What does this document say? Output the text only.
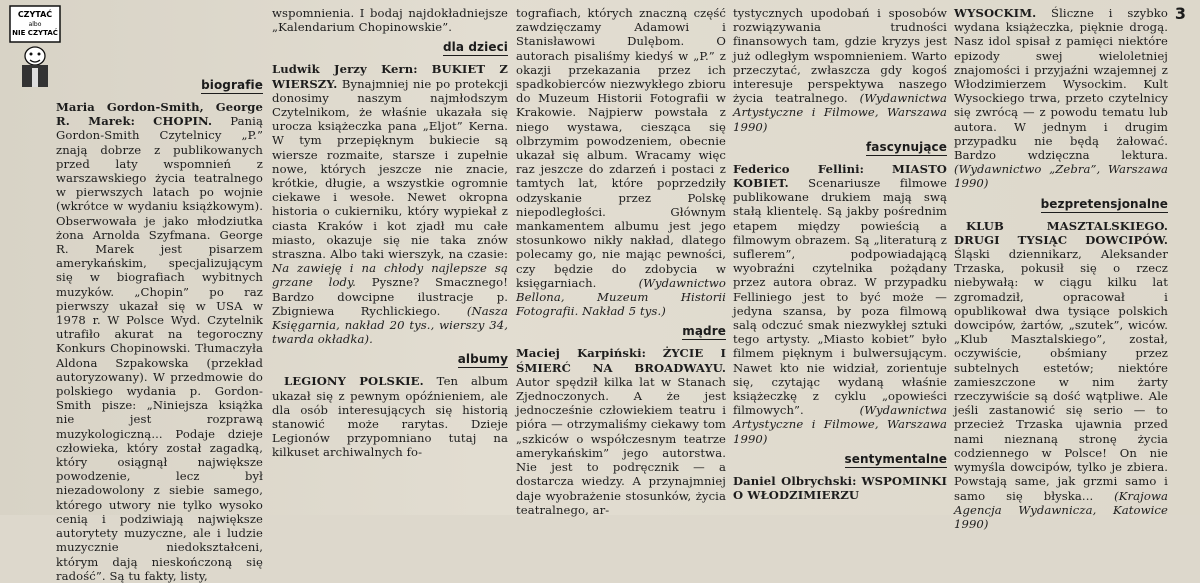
CZYTAĆ
albo
NIE CZYTAĆ
3
biografie

Maria Gordon-Smith, George R. Marek: CHOPIN. Panią Gordon-Smith Czytelnicy „P.” znają dobrze z publikowanych przed laty wspomnień z warszawskiego życia teatralnego w pierwszych latach po wojnie (wkrótce w wydaniu książkowym). Obserwowała je jako młodziutka żona Arnolda Szyfmana. George R. Marek jest pisarzem amerykańskim, specjalizującym się w biografiach wybitnych muzyków. „Chopin” po raz pierwszy ukazał się w USA w 1978 r. W Polsce Wyd. Czytelnik utrafiło akurat na tegoroczny Konkurs Chopinowski. Tłumaczyła Aldona Szpakowska (przekład autoryzowany). W przedmowie do polskiego wydania p. Gordon-Smith pisze: „Niniejsza książka nie jest rozprawą muzykologiczną... Podaje dzieje człowieka, który został zagadką, który osiągnął największe powodzenie, lecz był niezadowolony z siebie samego, którego utwory nie tylko wysoko cenią i podziwiają największe autorytety muzyczne, ale i ludzie muzycznie niedokształceni, którym dają nieskończoną się radość”. Są tu fakty, listy,

wspomnienia. I bodaj najdokładniejsze „Kalendarium Chopinowskie”.

dla dzieci

Ludwik Jerzy Kern: BUKIET Z WIERSZY. Bynajmniej nie po protekcji donosimy naszym najmłodszym Czytelnikom, że właśnie ukazała się urocza książeczka pana „Eljot” Kerna. W tym przepięknym bukiecie są wiersze rozmaite, starsze i zupełnie nowe, których jeszcze nie znacie, krótkie, długie, a wszystkie ogromnie ciekawe i wesołe. Newet okropna historia o cukierniku, który wypiekał z ciasta Kraków i kot zjadł mu całe miasto, okazuje się nie taka znów straszna. Albo taki wierszyk, na czasie: Na zawieję i na chłody najlepsze są grzane lody. Pyszne? Smacznego! Bardzo dowcipne ilustracje p. Zbigniewa Rychlickiego. (Nasza Księgarnia, nakład 20 tys., wierszy 34, twarda okładka).

albumy

LEGIONY POLSKIE. Ten album ukazał się z pewnym opóźnieniem, ale dla osób interesujących się historią stanowić może rarytas. Dzieje Legionów przypomniano tutaj na kilkuset archiwalnych fo-

tografiach, których znaczną część zawdzięczamy Adamowi i Stanisławowi Dulębom. O autorach pisaliśmy kiedyś w „P.” z okazji przekazania przez ich spadkobierców niezwykłego zbioru do Muzeum Historii Fotografii w Krakowie. Najpierw powstała z niego wystawa, ciesząca się olbrzymim powodzeniem, obecnie ukazał się album. Wracamy więc raz jeszcze do zdarzeń i postaci z tamtych lat, które poprzedziły odzyskanie przez Polskę niepodległości. Głównym mankamentem albumu jest jego stosunkowo nikły nakład, dlatego polecamy go, nie mając pewności, czy będzie do zdobycia w księgarniach.	(Wydawnictwo Bellona, Muzeum Historii Fotografii. Nakład 5 tys.)

mądre

Maciej Karpiński: ŻYCIE I ŚMIERĆ NA BROADWAYU. Autor spędził kilka lat w Stanach Zjednoczonych. A że jest jednocześnie człowiekiem teatru i pióra — otrzymaliśmy ciekawy tom „szkiców o współczesnym teatrze amerykańskim” jego autorstwa. Nie jest to podręcznik — a dostarcza wiedzy. A przynajmniej daje wyobrażenie stosunków, życia teatralnego, ar-

tystycznych upodobań i sposobów rozwiązywania trudności finansowych tam, gdzie kryzys jest już odległym wspomnieniem. Warto przeczytać, zwłaszcza gdy kogoś interesuje perspektywa naszego życia teatralnego. (Wydawnictwa Artystyczne i Filmowe, Warszawa 1990)

fascynujące

Federico Fellini: MIASTO KOBIET. Scenariusze filmowe publikowane drukiem mają swą stałą klientelę. Są jakby pośrednim etapem między powieścią a filmowym obrazem. Są „literaturą z suflerem”, podpowiadającą wyobraźni czytelnika pożądany przez autora obraz. W przypadku Felliniego jest to być może — jedyna szansa, by poza filmową salą odczuć smak niezwykłej sztuki tego artysty. „Miasto kobiet” było filmem pięknym i bulwersującym. Nawet kto nie widział, zorientuje się, czytając wydaną właśnie książeczkę z cyklu „opowieści filmowych”.	(Wydawnictwa Artystyczne i Filmowe, Warszawa 1990)

sentymentalne

Daniel Olbrychski: WSPOMINKI O WŁODZIMIERZU

WYSOCKIM. Śliczne i szybko wydana książeczka, pięknie drogą. Nasz idol spisał z pamięci niektóre epizody swej wieloletniej znajomości i przyjaźni wzajemnej z Włodzimierzem Wysockim. Kult Wysockiego trwa, przeto czytelnicy się zwrócą — z powodu tematu lub autora. W jednym i drugim przypadku nie będą żałować. Bardzo wdzięczna lektura. (Wydawnictwo „Zebra”, Warszawa 1990)

bezpretensjonalne

KLUB MASZTALSKIEGO. DRUGI TYSIĄC DOWCIPÓW. Śląski dziennikarz, Aleksander Trzaska, pokusił się o rzecz niebywałą: w ciągu kilku lat zgromadził, opracował i opublikował dwa tysiące polskich dowcipów, żartów, „szutek”, wiców. „Klub Masztalskiego”, został, oczywiście, obśmiany przez subtelnych estetów; niektóre zamieszczone w nim żarty rzeczywiście są dość wątpliwe. Ale jeśli zastanowić się serio — to przecież Trzaska ujawnia przed nami nieznaną stronę życia codziennego w Polsce! On nie wymyśla dowcipów, tylko je zbiera. Powstają same, jak grzmi samo i samo się błyska... (Krajowa Agencja Wydawnicza, Katowice 1990)
